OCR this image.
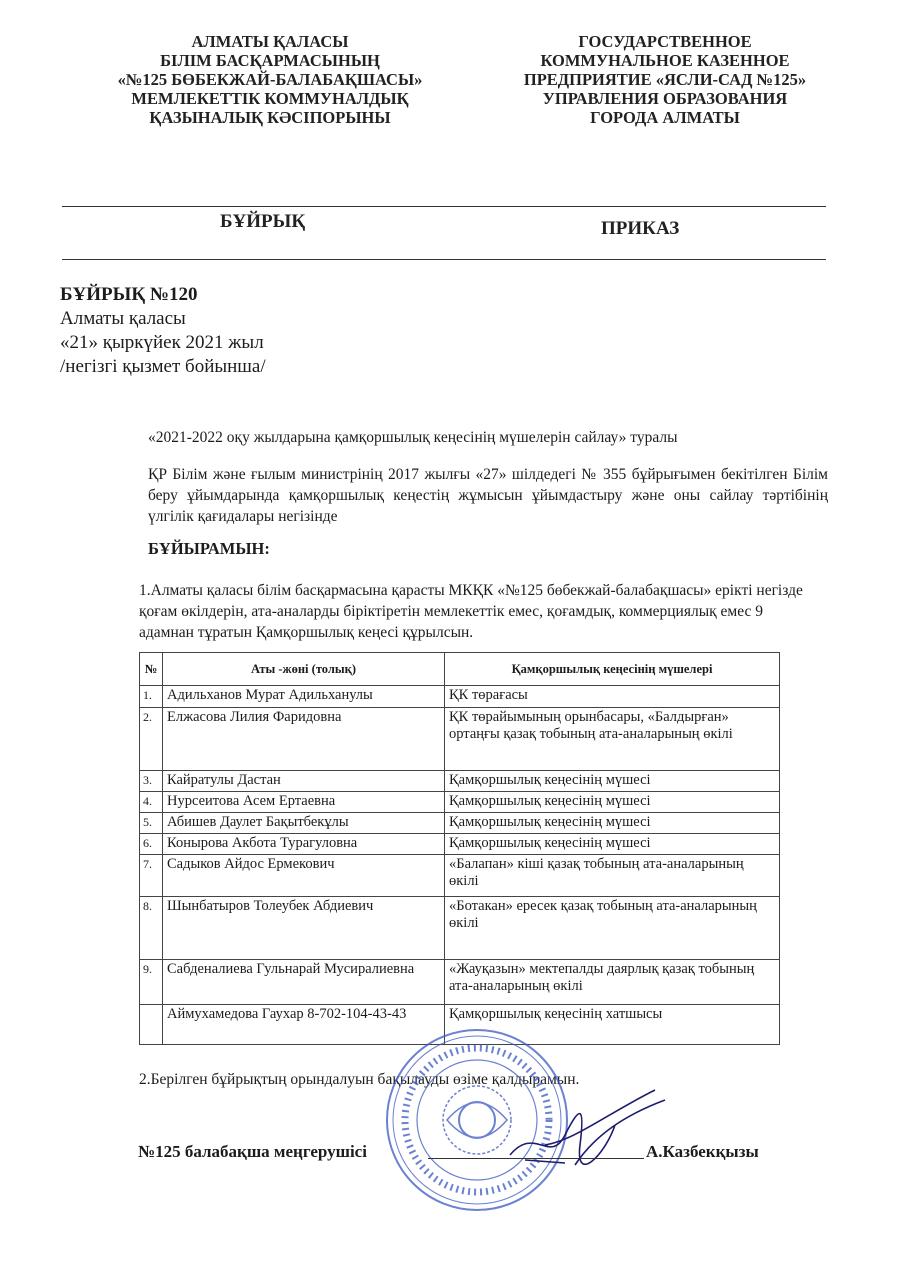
АЛМАТЫ ҚАЛАСЫ
БІЛІМ БАСҚАРМАСЫНЫҢ
«№125 БӨБЕКЖАЙ-БАЛАБАҚШАСЫ»
МЕМЛЕКЕТТІК КОММУНАЛДЫҚ
ҚАЗЫНАЛЫҚ КӘСІПОРЫНЫ
ГОСУДАРСТВЕННОЕ
КОММУНАЛЬНОЕ КАЗЕННОЕ
ПРЕДПРИЯТИЕ «ЯСЛИ-САД №125»
УПРАВЛЕНИЯ ОБРАЗОВАНИЯ
ГОРОДА АЛМАТЫ
БҰЙРЫҚ	ПРИКАЗ
БҰЙРЫҚ №120
Алматы қаласы
«21» қыркүйек 2021 жыл
/негізгі қызмет бойынша/
«2021-2022 оқу жылдарына қамқоршылық кеңесінің мүшелерін сайлау» туралы
ҚР Білім және ғылым министрінің 2017 жылғы «27» шілдедегі № 355 бұйрығымен бекітілген Білім беру ұйымдарында қамқоршылық кеңестің жұмысын ұйымдастыру және оны сайлау тәртібінің үлгілік қағидалары негізінде
БҰЙЫРАМЫН:
1.Алматы қаласы білім басқармасына қарасты МКҚК «№125 бөбекжай-балабақшасы» ерікті негізде қоғам өкілдерін, ата-аналарды біріктіретін мемлекеттік емес, қоғамдық, коммерциялық емес 9 адамнан тұратын Қамқоршылық кеңесі құрылсын.
№	Аты -жөні (толық)	Қамқоршылық кеңесінің мүшелері
1.	Адильханов Мурат Адильханулы	ҚК төрағасы
2.	Елжасова Лилия Фаридовна	ҚК төрайымының орынбасары, «Балдырған» ортаңғы қазақ тобының ата-аналарының өкілі
3.	Кайратулы Дастан	Қамқоршылық кеңесінің мүшесі
4.	Нурсеитова Асем Ертаевна	Қамқоршылық кеңесінің мүшесі
5.	Абишев Даулет Бақытбекұлы	Қамқоршылық кеңесінің мүшесі
6.	Конырова Акбота Турагуловна	Қамқоршылық кеңесінің мүшесі
7.	Садыков Айдос Ермекович	«Балапан» кіші қазақ тобының ата-аналарының өкілі
8.	Шынбатыров Толеубек Абдиевич	«Ботакан» ересек қазақ тобының ата-аналарының өкілі
9.	Сабденалиева Гульнарай Мусиралиевна	«Жауқазын» мектепалды даярлық қазақ тобының ата-аналарының өкілі
	Аймухамедова Гаухар 8-702-104-43-43	Қамқоршылық кеңесінің хатшысы
2.Берілген бұйрықтың орындалуын бақылауды өзіме қалдырамын.
№125 балабақша меңгерушісі	А.Казбекқызы
